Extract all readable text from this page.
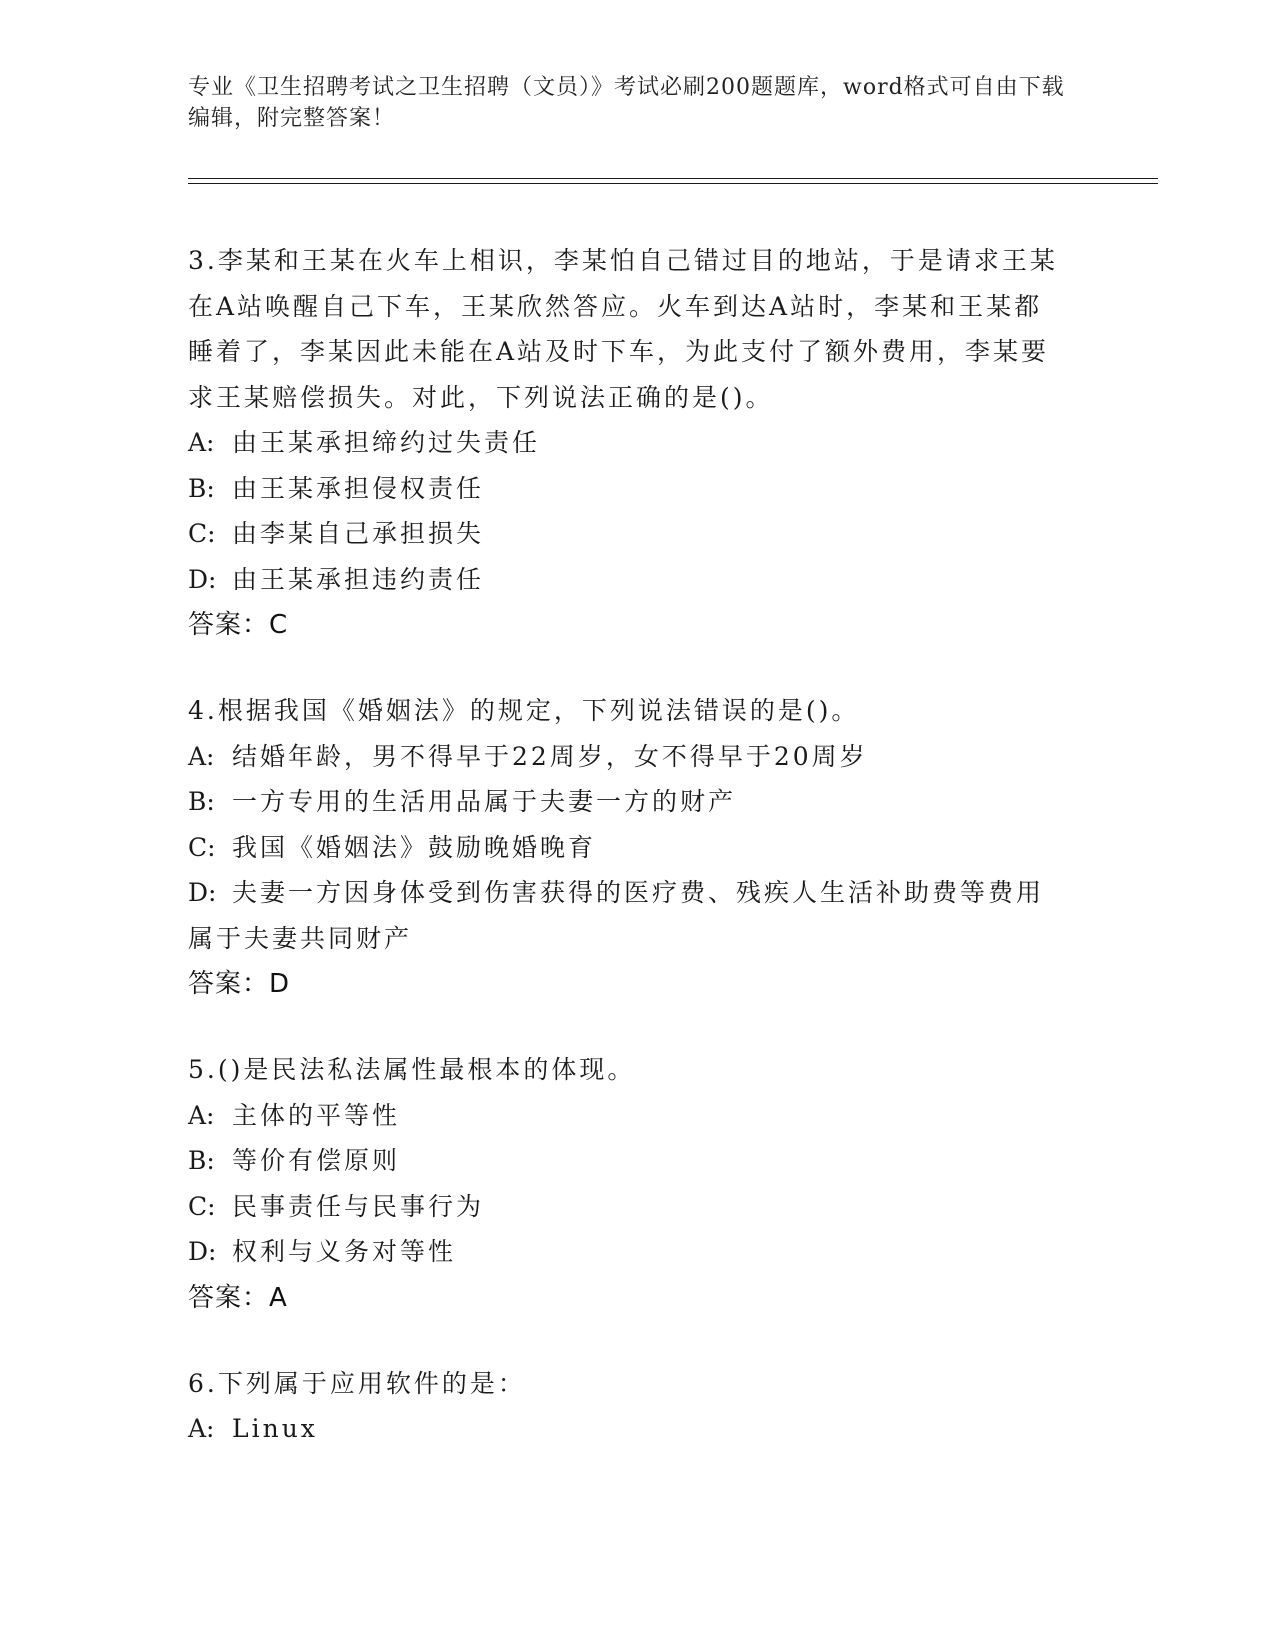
专业《卫生招聘考试之卫生招聘（文员）》考试必刷200题题库，word格式可自由下载编辑，附完整答案！

3.李某和王某在火车上相识，李某怕自己错过目的地站，于是请求王某在A站唤醒自己下车，王某欣然答应。火车到达A站时，李某和王某都睡着了，李某因此未能在A站及时下车，为此支付了额外费用，李某要求王某赔偿损失。对此，下列说法正确的是()。

A: 由王某承担缔约过失责任

B: 由王某承担侵权责任

C: 由李某自己承担损失

D: 由王某承担违约责任

答案：C

4.根据我国《婚姻法》的规定，下列说法错误的是()。

A: 结婚年龄，男不得早于22周岁，女不得早于20周岁

B: 一方专用的生活用品属于夫妻一方的财产

C: 我国《婚姻法》鼓励晚婚晚育

D: 夫妻一方因身体受到伤害获得的医疗费、残疾人生活补助费等费用属于夫妻共同财产

答案：D

5.()是民法私法属性最根本的体现。

A: 主体的平等性

B: 等价有偿原则

C: 民事责任与民事行为

D: 权利与义务对等性

答案：A

6.下列属于应用软件的是：

A: Linux
